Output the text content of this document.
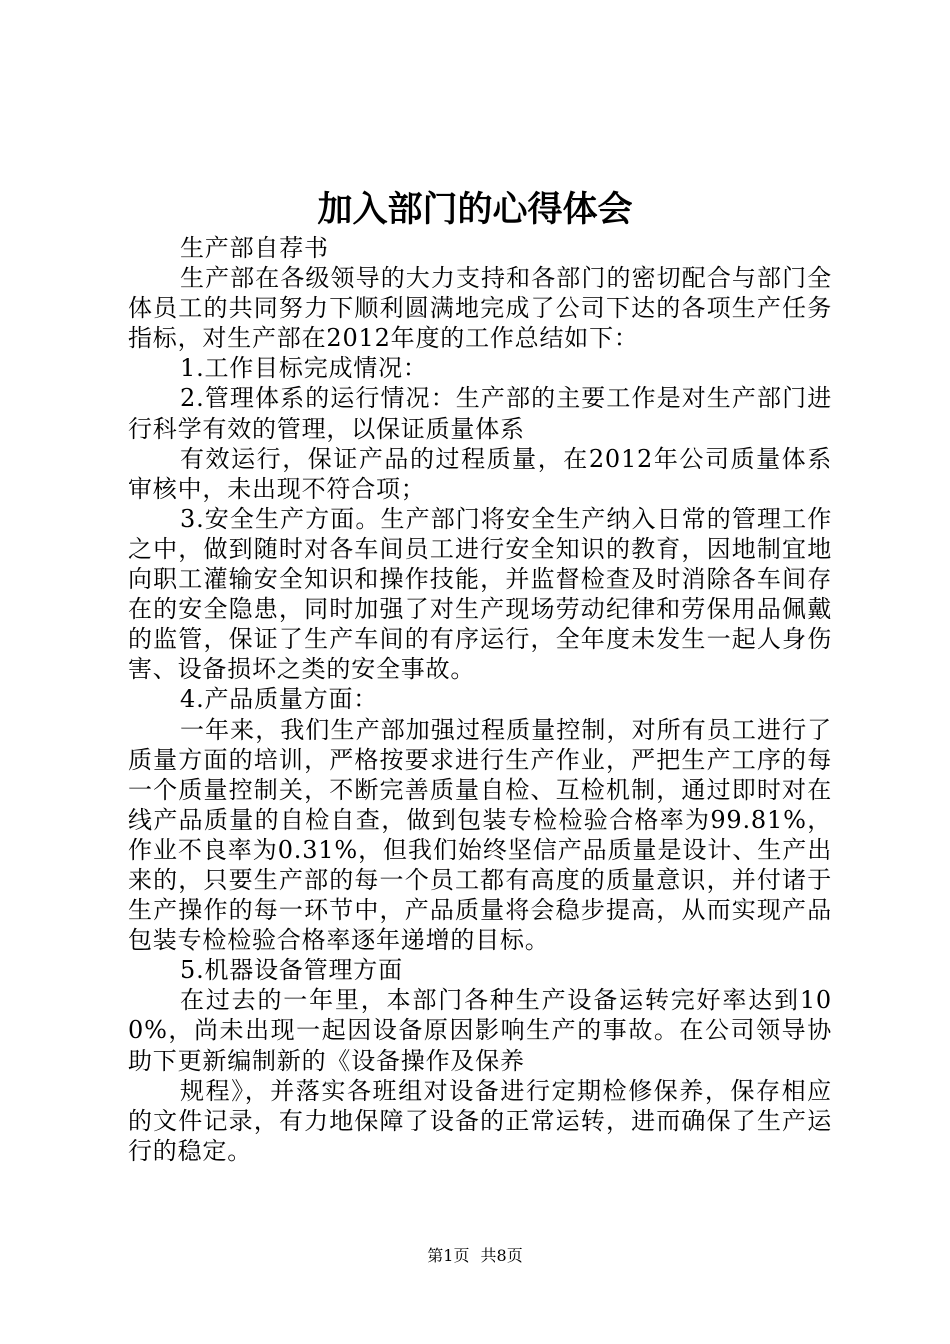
加入部门的心得体会

生产部自荐书

生产部在各级领导的大力支持和各部门的密切配合与部门全体员工的共同努力下顺利圆满地完成了公司下达的各项生产任务指标，对生产部在2012年度的工作总结如下：

1.工作目标完成情况：

2.管理体系的运行情况：生产部的主要工作是对生产部门进行科学有效的管理，以保证质量体系

有效运行，保证产品的过程质量，在2012年公司质量体系审核中，未出现不符合项；

3.安全生产方面。生产部门将安全生产纳入日常的管理工作之中，做到随时对各车间员工进行安全知识的教育，因地制宜地向职工灌输安全知识和操作技能，并监督检查及时消除各车间存在的安全隐患，同时加强了对生产现场劳动纪律和劳保用品佩戴的监管，保证了生产车间的有序运行，全年度未发生一起人身伤害、设备损坏之类的安全事故。

4.产品质量方面：

一年来，我们生产部加强过程质量控制，对所有员工进行了质量方面的培训，严格按要求进行生产作业，严把生产工序的每一个质量控制关，不断完善质量自检、互检机制，通过即时对在线产品质量的自检自查，做到包装专检检验合格率为99.81%，作业不良率为0.31%，但我们始终坚信产品质量是设计、生产出来的，只要生产部的每一个员工都有高度的质量意识，并付诸于生产操作的每一环节中，产品质量将会稳步提高，从而实现产品包装专检检验合格率逐年递增的目标。

5.机器设备管理方面

在过去的一年里，本部门各种生产设备运转完好率达到100%，尚未出现一起因设备原因影响生产的事故。在公司领导协助下更新编制新的《设备操作及保养

规程》，并落实各班组对设备进行定期检修保养，保存相应的文件记录，有力地保障了设备的正常运转，进而确保了生产运行的稳定。

第1页 共8页
